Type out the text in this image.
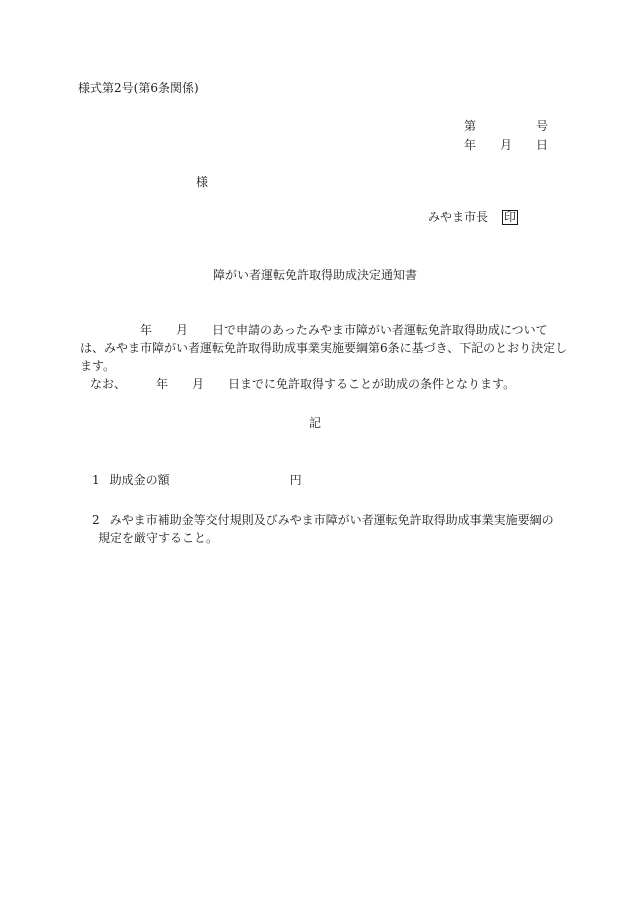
様式第2号(第6条関係)
第	号
年 月 日
様
みやま市長 印
障がい者運転免許取得助成決定通知書
年 月 日で申請のあったみやま市障がい者運転免許取得助成について
は、みやま市障がい者運転免許取得助成事業実施要綱第6条に基づき、下記のとおり決定し
ます。
なお、	年 月 日までに免許取得することが助成の条件となります。
記
1 助成金の額	円
2 みやま市補助金等交付規則及びみやま市障がい者運転免許取得助成事業実施要綱の
規定を厳守すること。
